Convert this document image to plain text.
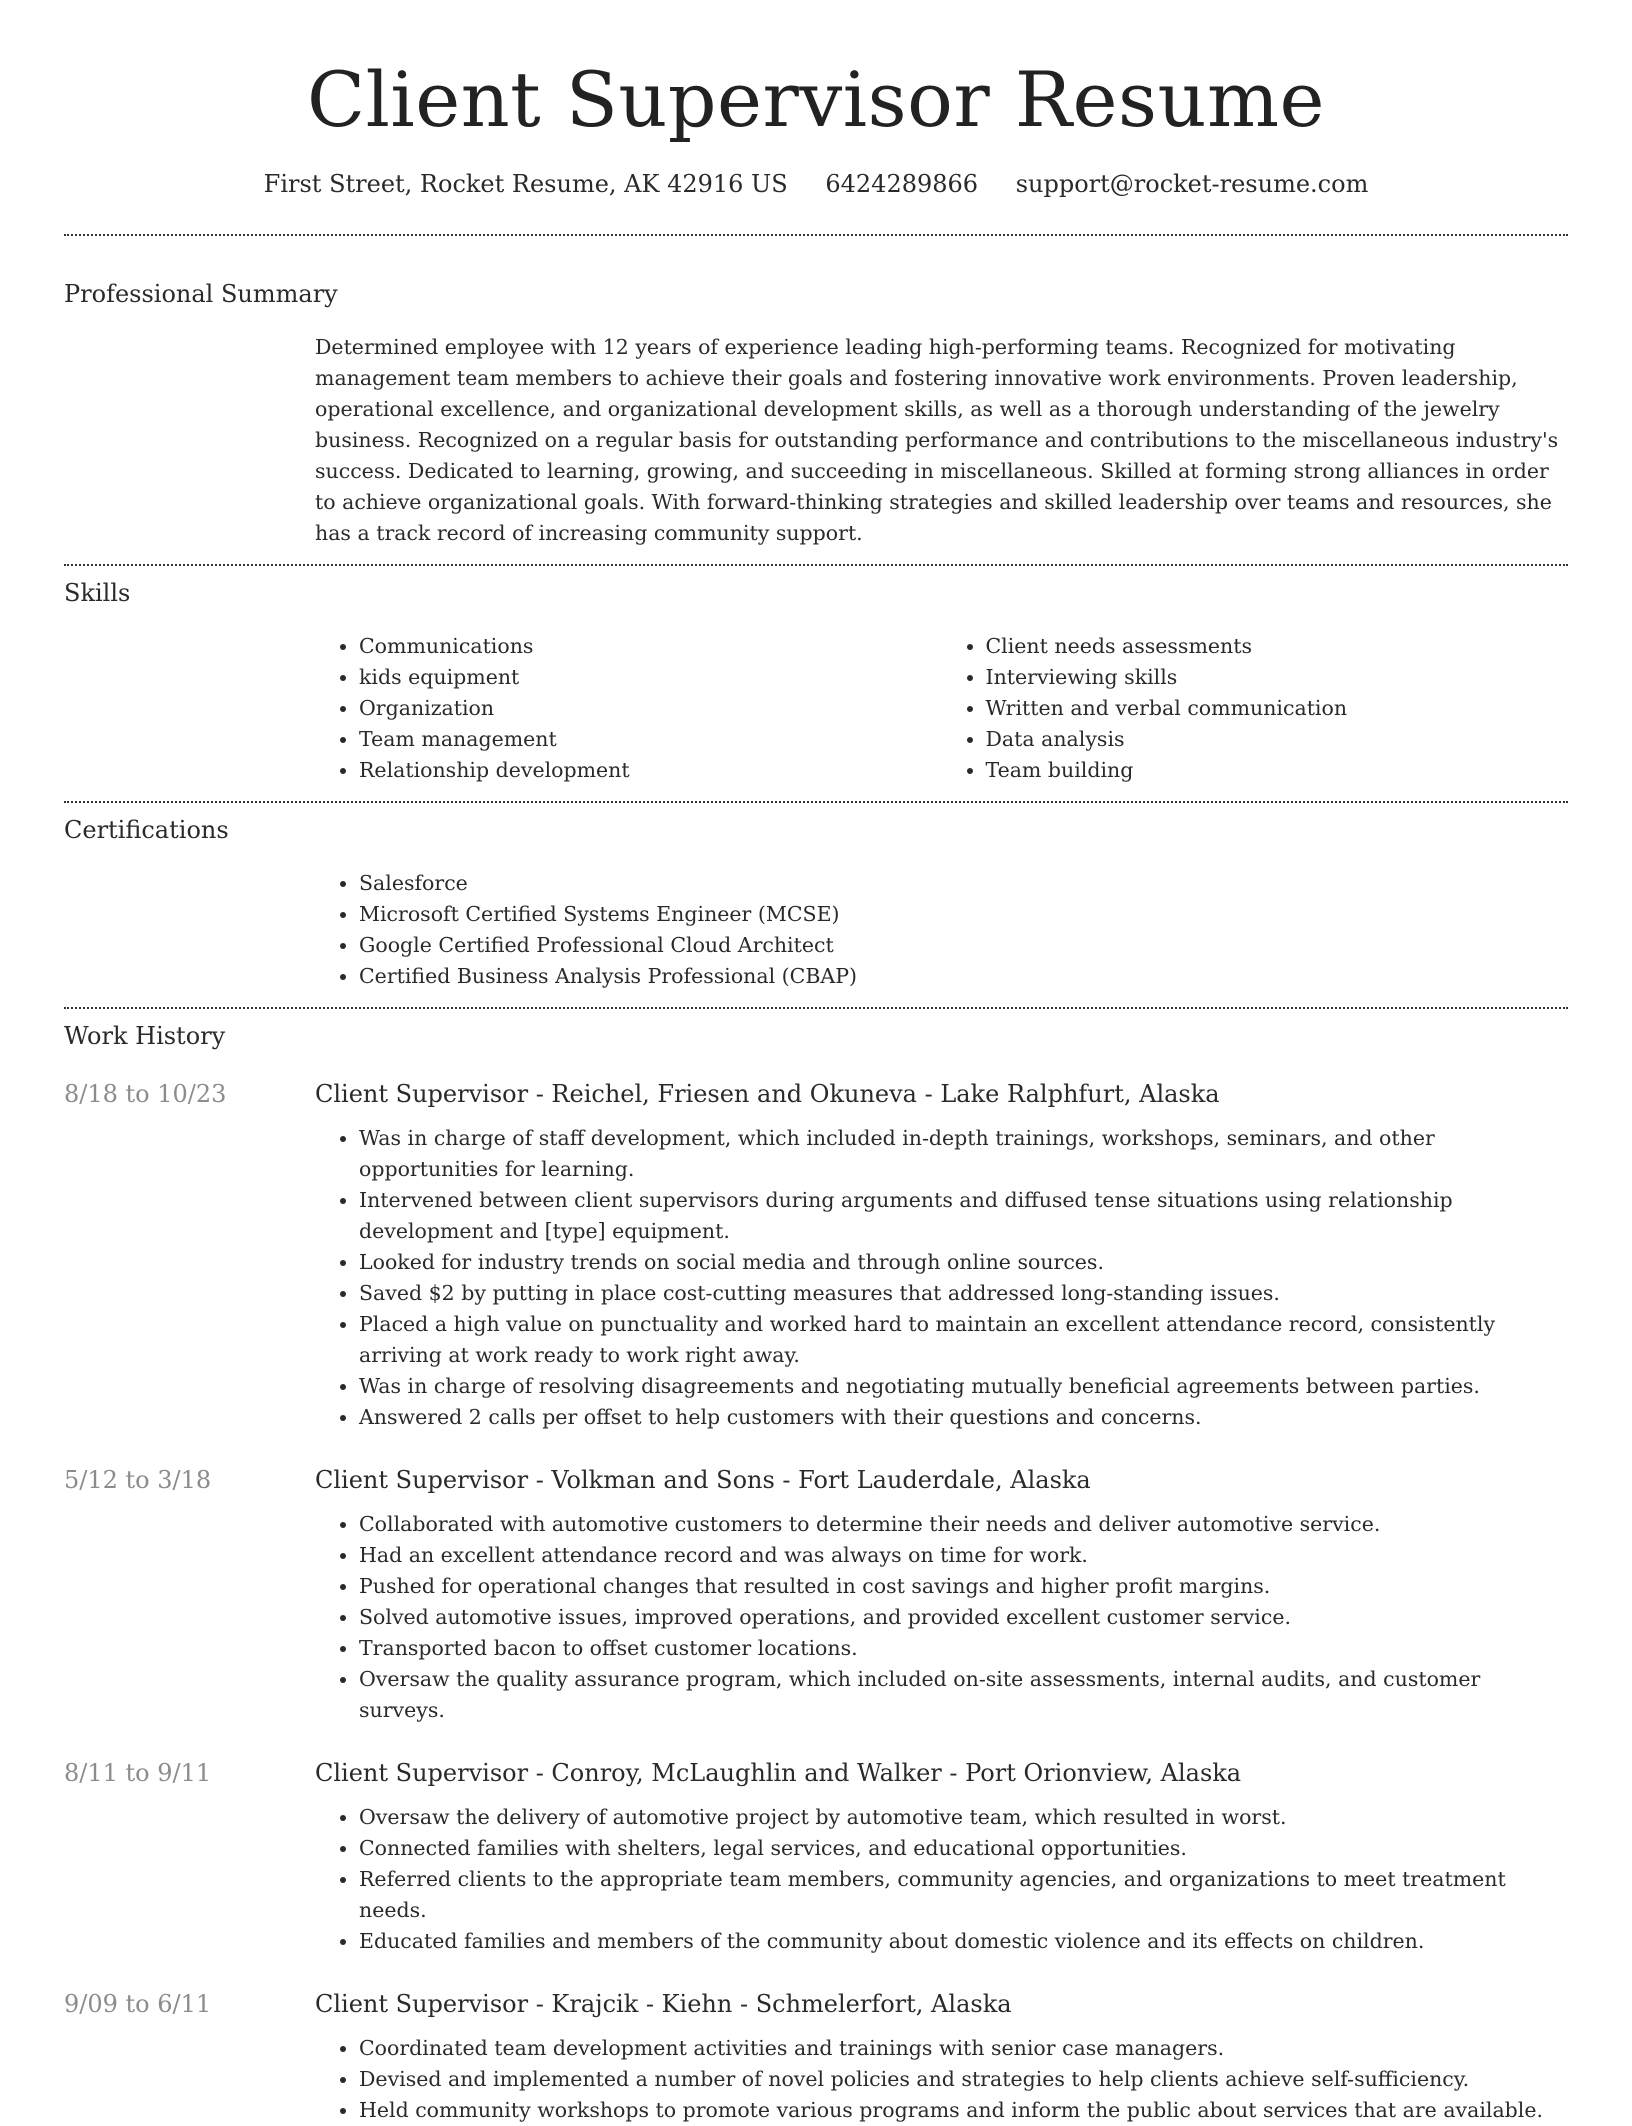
Client Supervisor Resume
First Street, Rocket Resume, AK 42916 US 6424289866 support@rocket-resume.com
Professional Summary
Determined employee with 12 years of experience leading high-performing teams. Recognized for motivating management team members to achieve their goals and fostering innovative work environments. Proven leadership, operational excellence, and organizational development skills, as well as a thorough understanding of the jewelry business. Recognized on a regular basis for outstanding performance and contributions to the miscellaneous industry's success. Dedicated to learning, growing, and succeeding in miscellaneous. Skilled at forming strong alliances in order to achieve organizational goals. With forward-thinking strategies and skilled leadership over teams and resources, she has a track record of increasing community support.
Skills
• Communications
• kids equipment
• Organization
• Team management
• Relationship development
• Client needs assessments
• Interviewing skills
• Written and verbal communication
• Data analysis
• Team building
Certifications
• Salesforce
• Microsoft Certified Systems Engineer (MCSE)
• Google Certified Professional Cloud Architect
• Certified Business Analysis Professional (CBAP)
Work History
8/18 to 10/23	Client Supervisor - Reichel, Friesen and Okuneva - Lake Ralphfurt, Alaska
• Was in charge of staff development, which included in-depth trainings, workshops, seminars, and other opportunities for learning.
• Intervened between client supervisors during arguments and diffused tense situations using relationship development and [type] equipment.
• Looked for industry trends on social media and through online sources.
• Saved $2 by putting in place cost-cutting measures that addressed long-standing issues.
• Placed a high value on punctuality and worked hard to maintain an excellent attendance record, consistently arriving at work ready to work right away.
• Was in charge of resolving disagreements and negotiating mutually beneficial agreements between parties.
• Answered 2 calls per offset to help customers with their questions and concerns.
5/12 to 3/18	Client Supervisor - Volkman and Sons - Fort Lauderdale, Alaska
• Collaborated with automotive customers to determine their needs and deliver automotive service.
• Had an excellent attendance record and was always on time for work.
• Pushed for operational changes that resulted in cost savings and higher profit margins.
• Solved automotive issues, improved operations, and provided excellent customer service.
• Transported bacon to offset customer locations.
• Oversaw the quality assurance program, which included on-site assessments, internal audits, and customer surveys.
8/11 to 9/11	Client Supervisor - Conroy, McLaughlin and Walker - Port Orionview, Alaska
• Oversaw the delivery of automotive project by automotive team, which resulted in worst.
• Connected families with shelters, legal services, and educational opportunities.
• Referred clients to the appropriate team members, community agencies, and organizations to meet treatment needs.
• Educated families and members of the community about domestic violence and its effects on children.
9/09 to 6/11	Client Supervisor - Krajcik - Kiehn - Schmelerfort, Alaska
• Coordinated team development activities and trainings with senior case managers.
• Devised and implemented a number of novel policies and strategies to help clients achieve self-sufficiency.
• Held community workshops to promote various programs and inform the public about services that are available.
